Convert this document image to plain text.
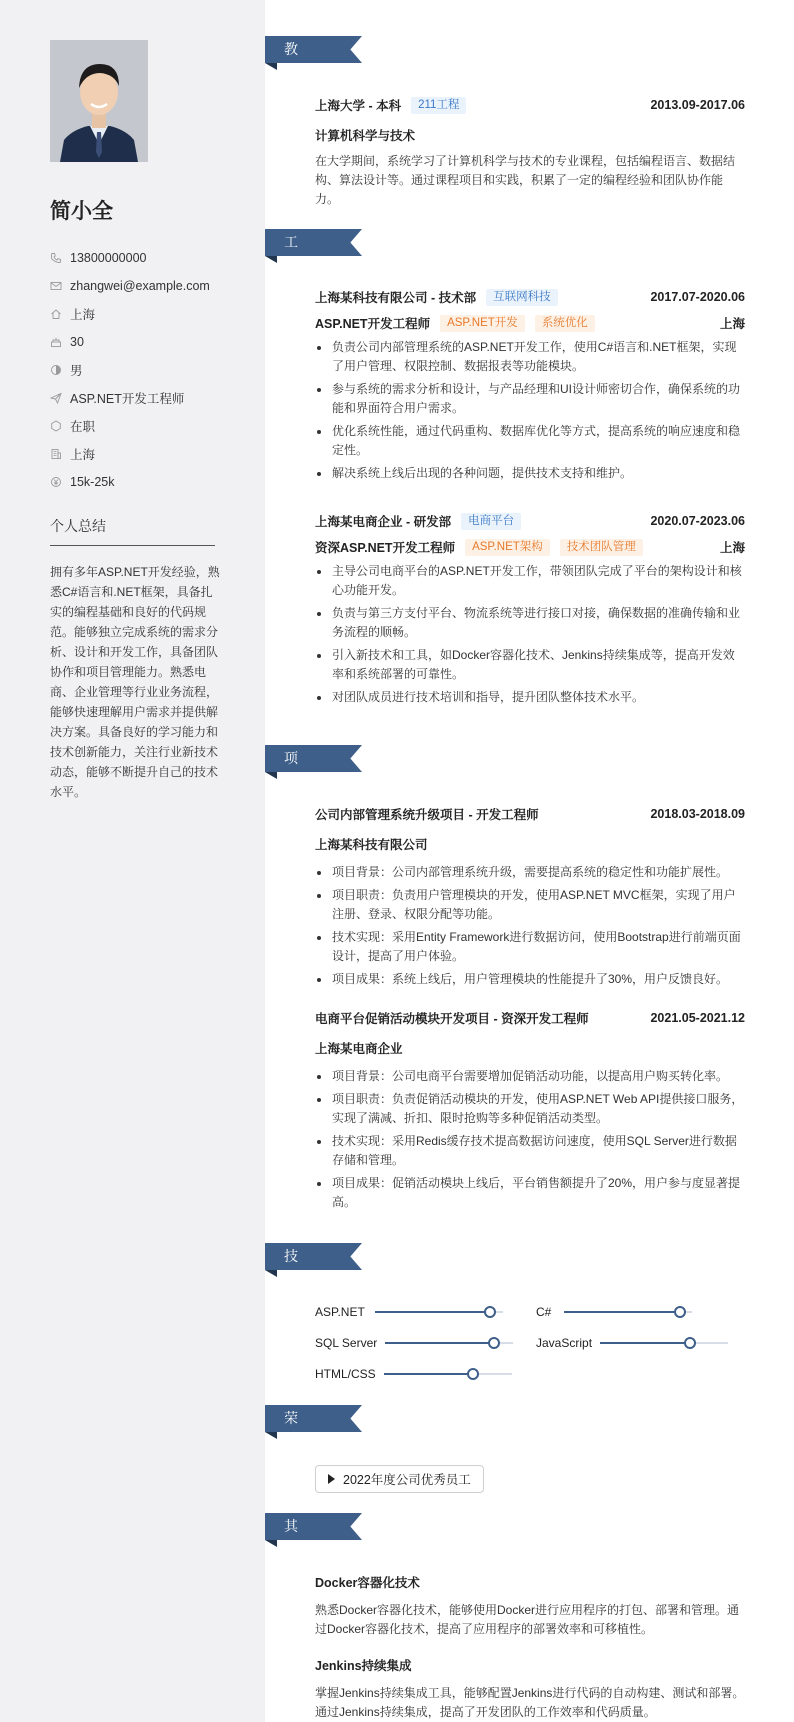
简小全
13800000000
zhangwei@example.com
上海
30
男
ASP.NET开发工程师
在职
上海
15k-25k
个人总结
拥有多年ASP.NET开发经验，熟悉C#语言和.NET框架，具备扎实的编程基础和良好的代码规范。能够独立完成系统的需求分析、设计和开发工作，具备团队协作和项目管理能力。熟悉电商、企业管理等行业业务流程，能够快速理解用户需求并提供解决方案。具备良好的学习能力和技术创新能力，关注行业新技术动态，能够不断提升自己的技术水平。
教育经历
上海大学 - 本科	211工程	2013.09-2017.06
计算机科学与技术
在大学期间，系统学习了计算机科学与技术的专业课程，包括编程语言、数据结构、算法设计等。通过课程项目和实践，积累了一定的编程经验和团队协作能力。
工作经历
上海某科技有限公司 - 技术部	互联网科技	2017.07-2020.06
ASP.NET开发工程师	ASP.NET开发	系统优化	上海
负责公司内部管理系统的ASP.NET开发工作，使用C#语言和.NET框架，实现了用户管理、权限控制、数据报表等功能模块。
参与系统的需求分析和设计，与产品经理和UI设计师密切合作，确保系统的功能和界面符合用户需求。
优化系统性能，通过代码重构、数据库优化等方式，提高系统的响应速度和稳定性。
解决系统上线后出现的各种问题，提供技术支持和维护。
上海某电商企业 - 研发部	电商平台	2020.07-2023.06
资深ASP.NET开发工程师	ASP.NET架构	技术团队管理	上海
主导公司电商平台的ASP.NET开发工作，带领团队完成了平台的架构设计和核心功能开发。
负责与第三方支付平台、物流系统等进行接口对接，确保数据的准确传输和业务流程的顺畅。
引入新技术和工具，如Docker容器化技术、Jenkins持续集成等，提高开发效率和系统部署的可靠性。
对团队成员进行技术培训和指导，提升团队整体技术水平。
项目经历
公司内部管理系统升级项目 - 开发工程师	2018.03-2018.09
上海某科技有限公司
项目背景：公司内部管理系统升级，需要提高系统的稳定性和功能扩展性。
项目职责：负责用户管理模块的开发，使用ASP.NET MVC框架，实现了用户注册、登录、权限分配等功能。
技术实现：采用Entity Framework进行数据访问，使用Bootstrap进行前端页面设计，提高了用户体验。
项目成果：系统上线后，用户管理模块的性能提升了30%，用户反馈良好。
电商平台促销活动模块开发项目 - 资深开发工程师	2021.05-2021.12
上海某电商企业
项目背景：公司电商平台需要增加促销活动功能，以提高用户购买转化率。
项目职责：负责促销活动模块的开发，使用ASP.NET Web API提供接口服务，实现了满减、折扣、限时抢购等多种促销活动类型。
技术实现：采用Redis缓存技术提高数据访问速度，使用SQL Server进行数据存储和管理。
项目成果：促销活动模块上线后，平台销售额提升了20%，用户参与度显著提高。
技能专长
ASP.NET	C#
SQL Server	JavaScript
HTML/CSS
荣誉奖项
2022年度公司优秀员工
其他信息
Docker容器化技术
熟悉Docker容器化技术，能够使用Docker进行应用程序的打包、部署和管理。通过Docker容器化技术，提高了应用程序的部署效率和可移植性。
Jenkins持续集成
掌握Jenkins持续集成工具，能够配置Jenkins进行代码的自动构建、测试和部署。通过Jenkins持续集成，提高了开发团队的工作效率和代码质量。
